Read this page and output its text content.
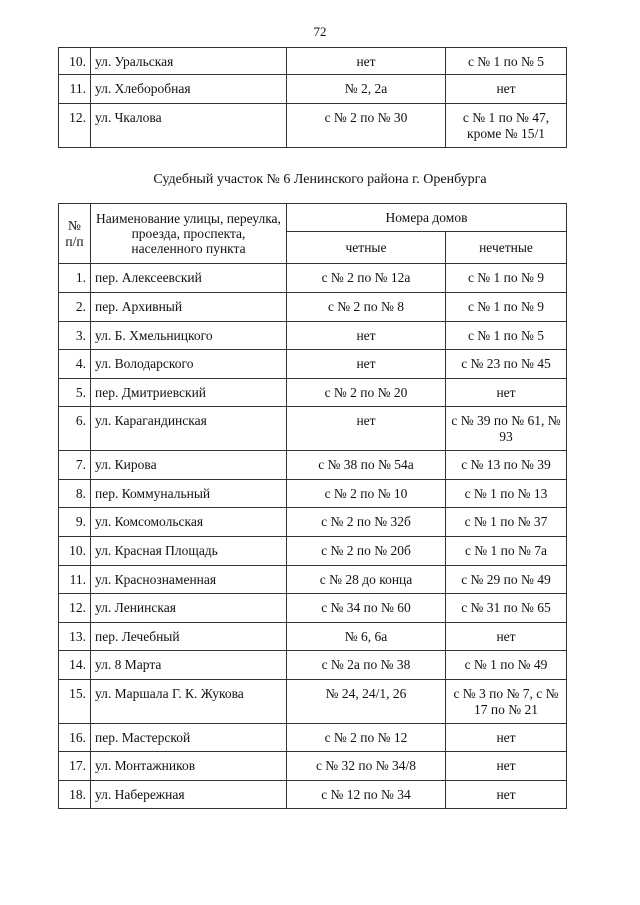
72
10.	ул. Уральская	нет	с № 1 по № 5
11.	ул. Хлеборобная	№ 2, 2а	нет
12.	ул. Чкалова	с № 2 по № 30	с № 1 по № 47, кроме № 15/1
Судебный участок № 6 Ленинского района г. Оренбурга
№ п/п	Наименование улицы, переулка, проезда, проспекта, населенного пункта	Номера домов	
		четные	нечетные
1.	пер. Алексеевский	с № 2 по № 12а	с № 1 по № 9
2.	пер. Архивный	с № 2 по № 8	с № 1 по № 9
3.	ул. Б. Хмельницкого	нет	с № 1 по № 5
4.	ул. Володарского	нет	с № 23 по № 45
5.	пер. Дмитриевский	с № 2 по № 20	нет
6.	ул. Карагандинская	нет	с № 39 по № 61, № 93
7.	ул. Кирова	с № 38 по № 54а	с № 13 по № 39
8.	пер. Коммунальный	с № 2 по № 10	с № 1 по № 13
9.	ул. Комсомольская	с № 2 по № 32б	с № 1 по № 37
10.	ул. Красная Площадь	с № 2 по № 20б	с № 1 по № 7а
11.	ул. Краснознаменная	с № 28 до конца	с № 29 по № 49
12.	ул. Ленинская	с № 34 по № 60	с № 31 по № 65
13.	пер. Лечебный	№ 6, 6а	нет
14.	ул. 8 Марта	с № 2а по № 38	с № 1 по № 49
15.	ул. Маршала Г. К. Жукова	№ 24, 24/1, 26	с № 3 по № 7, с № 17 по № 21
16.	пер. Мастерской	с № 2 по № 12	нет
17.	ул. Монтажников	с № 32 по № 34/8	нет
18.	ул. Набережная	с № 12 по № 34	нет
